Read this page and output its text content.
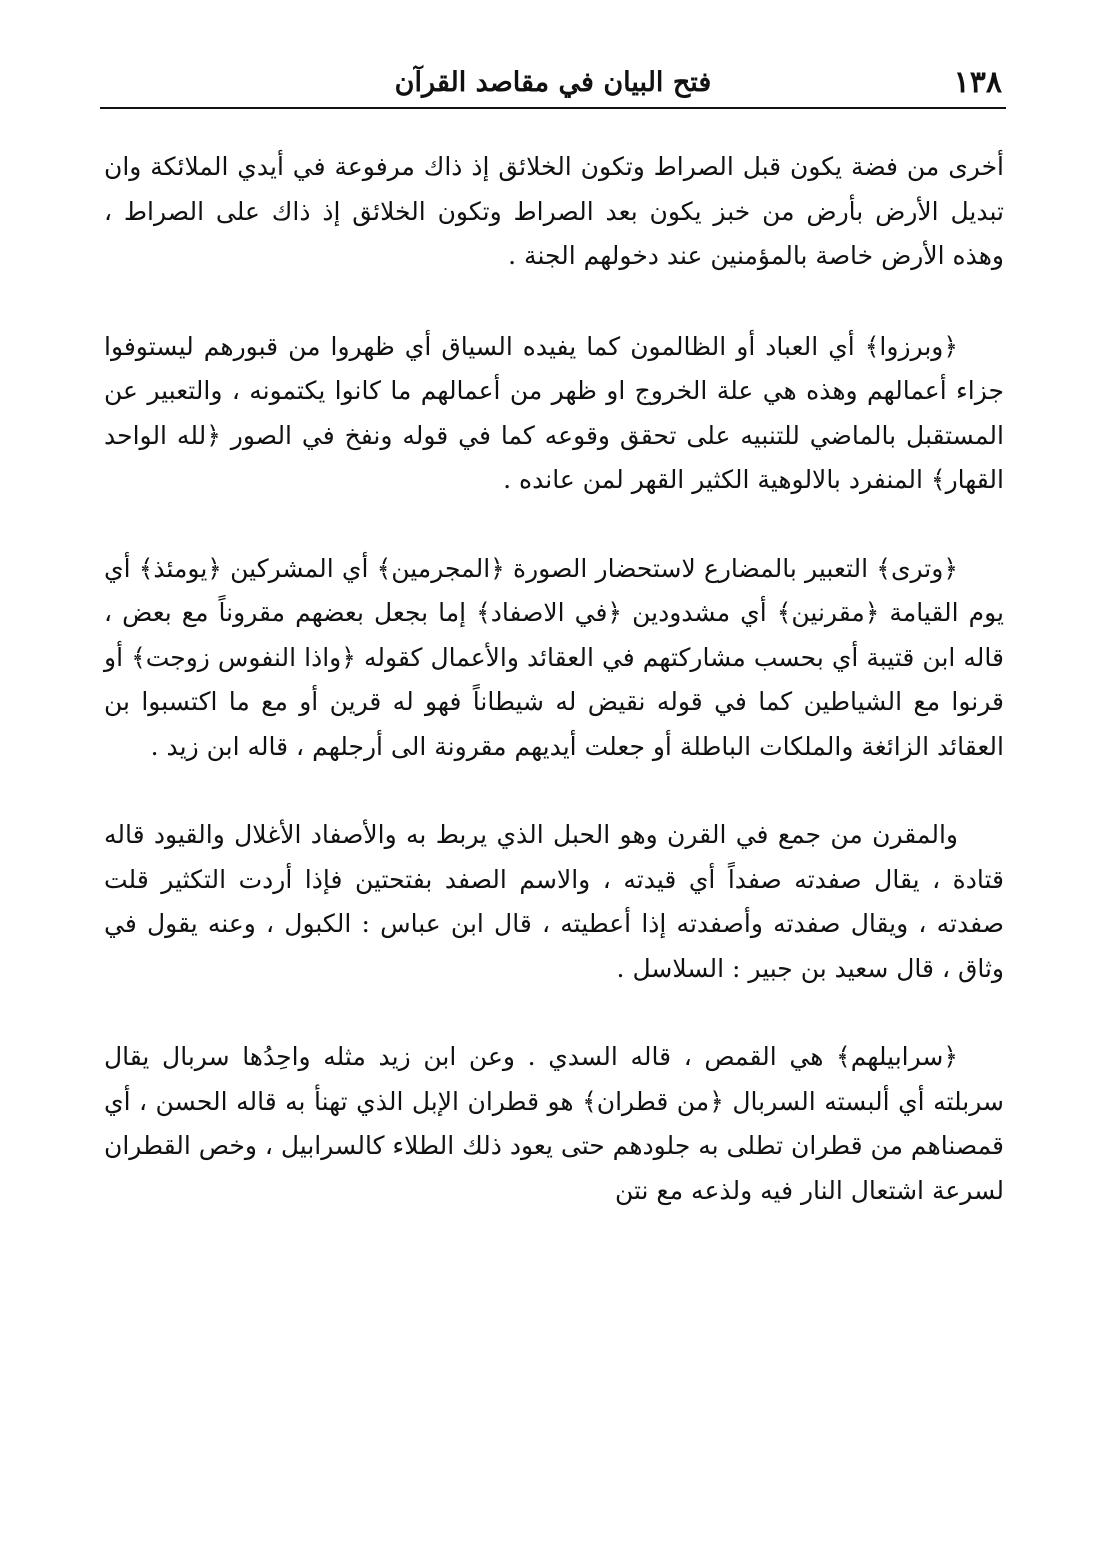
١٣٨
فتح البيان في مقاصد القرآن

أخرى من فضة يكون قبل الصراط وتكون الخلائق إذ ذاك مرفوعة في أيدي الملائكة وان تبديل الأرض بأرض من خبز يكون بعد الصراط وتكون الخلائق إذ ذاك على الصراط ، وهذه الأرض خاصة بالمؤمنين عند دخولهم الجنة .

﴿وبرزوا﴾ أي العباد أو الظالمون كما يفيده السياق أي ظهروا من قبورهم ليستوفوا جزاء أعمالهم وهذه هي علة الخروج او ظهر من أعمالهم ما كانوا يكتمونه ، والتعبير عن المستقبل بالماضي للتنبيه على تحقق وقوعه كما في قوله ونفخ في الصور ﴿لله الواحد القهار﴾ المنفرد بالالوهية الكثير القهر لمن عانده .

﴿وترى﴾ التعبير بالمضارع لاستحضار الصورة ﴿المجرمين﴾ أي المشركين ﴿يومئذ﴾ أي يوم القيامة ﴿مقرنين﴾ أي مشدودين ﴿في الاصفاد﴾ إما بجعل بعضهم مقروناً مع بعض ، قاله ابن قتيبة أي بحسب مشاركتهم في العقائد والأعمال كقوله ﴿واذا النفوس زوجت﴾ أو قرنوا مع الشياطين كما في قوله نقيض له شيطاناً فهو له قرين أو مع ما اكتسبوا بن العقائد الزائغة والملكات الباطلة أو جعلت أيديهم مقرونة الى أرجلهم ، قاله ابن زيد .

والمقرن من جمع في القرن وهو الحبل الذي يربط به والأصفاد الأغلال والقيود قاله قتادة ، يقال صفدته صفداً أي قيدته ، والاسم الصفد بفتحتين فإذا أردت التكثير قلت صفدته ، ويقال صفدته وأصفدته إذا أعطيته ، قال ابن عباس : الكبول ، وعنه يقول في وثاق ، قال سعيد بن جبير : السلاسل .

﴿سرابيلهم﴾ هي القمص ، قاله السدي . وعن ابن زيد مثله واحِدُها سربال يقال سربلته أي ألبسته السربال ﴿من قطران﴾ هو قطران الإبل الذي تهنأ به قاله الحسن ، أي قمصناهم من قطران تطلى به جلودهم حتى يعود ذلك الطلاء كالسرابيل ، وخص القطران لسرعة اشتعال النار فيه ولذعه مع نتن
